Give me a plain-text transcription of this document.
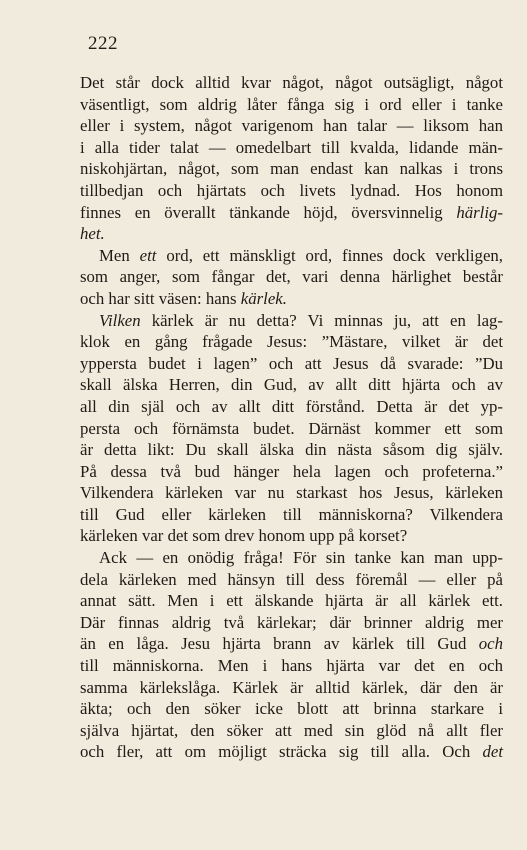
222
Det står dock alltid kvar något, något outsägligt, något
väsentligt, som aldrig låter fånga sig i ord eller i tanke
eller i system, något varigenom han talar — liksom han
i alla tider talat — omedelbart till kvalda, lidande män-
niskohjärtan, något, som man endast kan nalkas i trons
tillbedjan och hjärtats och livets lydnad. Hos honom
finnes en överallt tänkande höjd, översvinnelig härlig-
het.
Men ett ord, ett mänskligt ord, finnes dock verkligen,
som anger, som fångar det, vari denna härlighet består
och har sitt väsen: hans kärlek.
Vilken kärlek är nu detta? Vi minnas ju, att en lag-
klok en gång frågade Jesus: ”Mästare, vilket är det
yppersta budet i lagen” och att Jesus då svarade: ”Du
skall älska Herren, din Gud, av allt ditt hjärta och av
all din själ och av allt ditt förstånd. Detta är det yp-
persta och förnämsta budet. Därnäst kommer ett som
är detta likt: Du skall älska din nästa såsom dig själv.
På dessa två bud hänger hela lagen och profeterna.”
Vilkendera kärleken var nu starkast hos Jesus, kärleken
till Gud eller kärleken till människorna? Vilkendera
kärleken var det som drev honom upp på korset?
Ack — en onödig fråga! För sin tanke kan man upp-
dela kärleken med hänsyn till dess föremål — eller på
annat sätt. Men i ett älskande hjärta är all kärlek ett.
Där finnas aldrig två kärlekar; där brinner aldrig mer
än en låga. Jesu hjärta brann av kärlek till Gud och
till människorna. Men i hans hjärta var det en och
samma kärlekslåga. Kärlek är alltid kärlek, där den är
äkta; och den söker icke blott att brinna starkare i
själva hjärtat, den söker att med sin glöd nå allt fler
och fler, att om möjligt sträcka sig till alla. Och det
